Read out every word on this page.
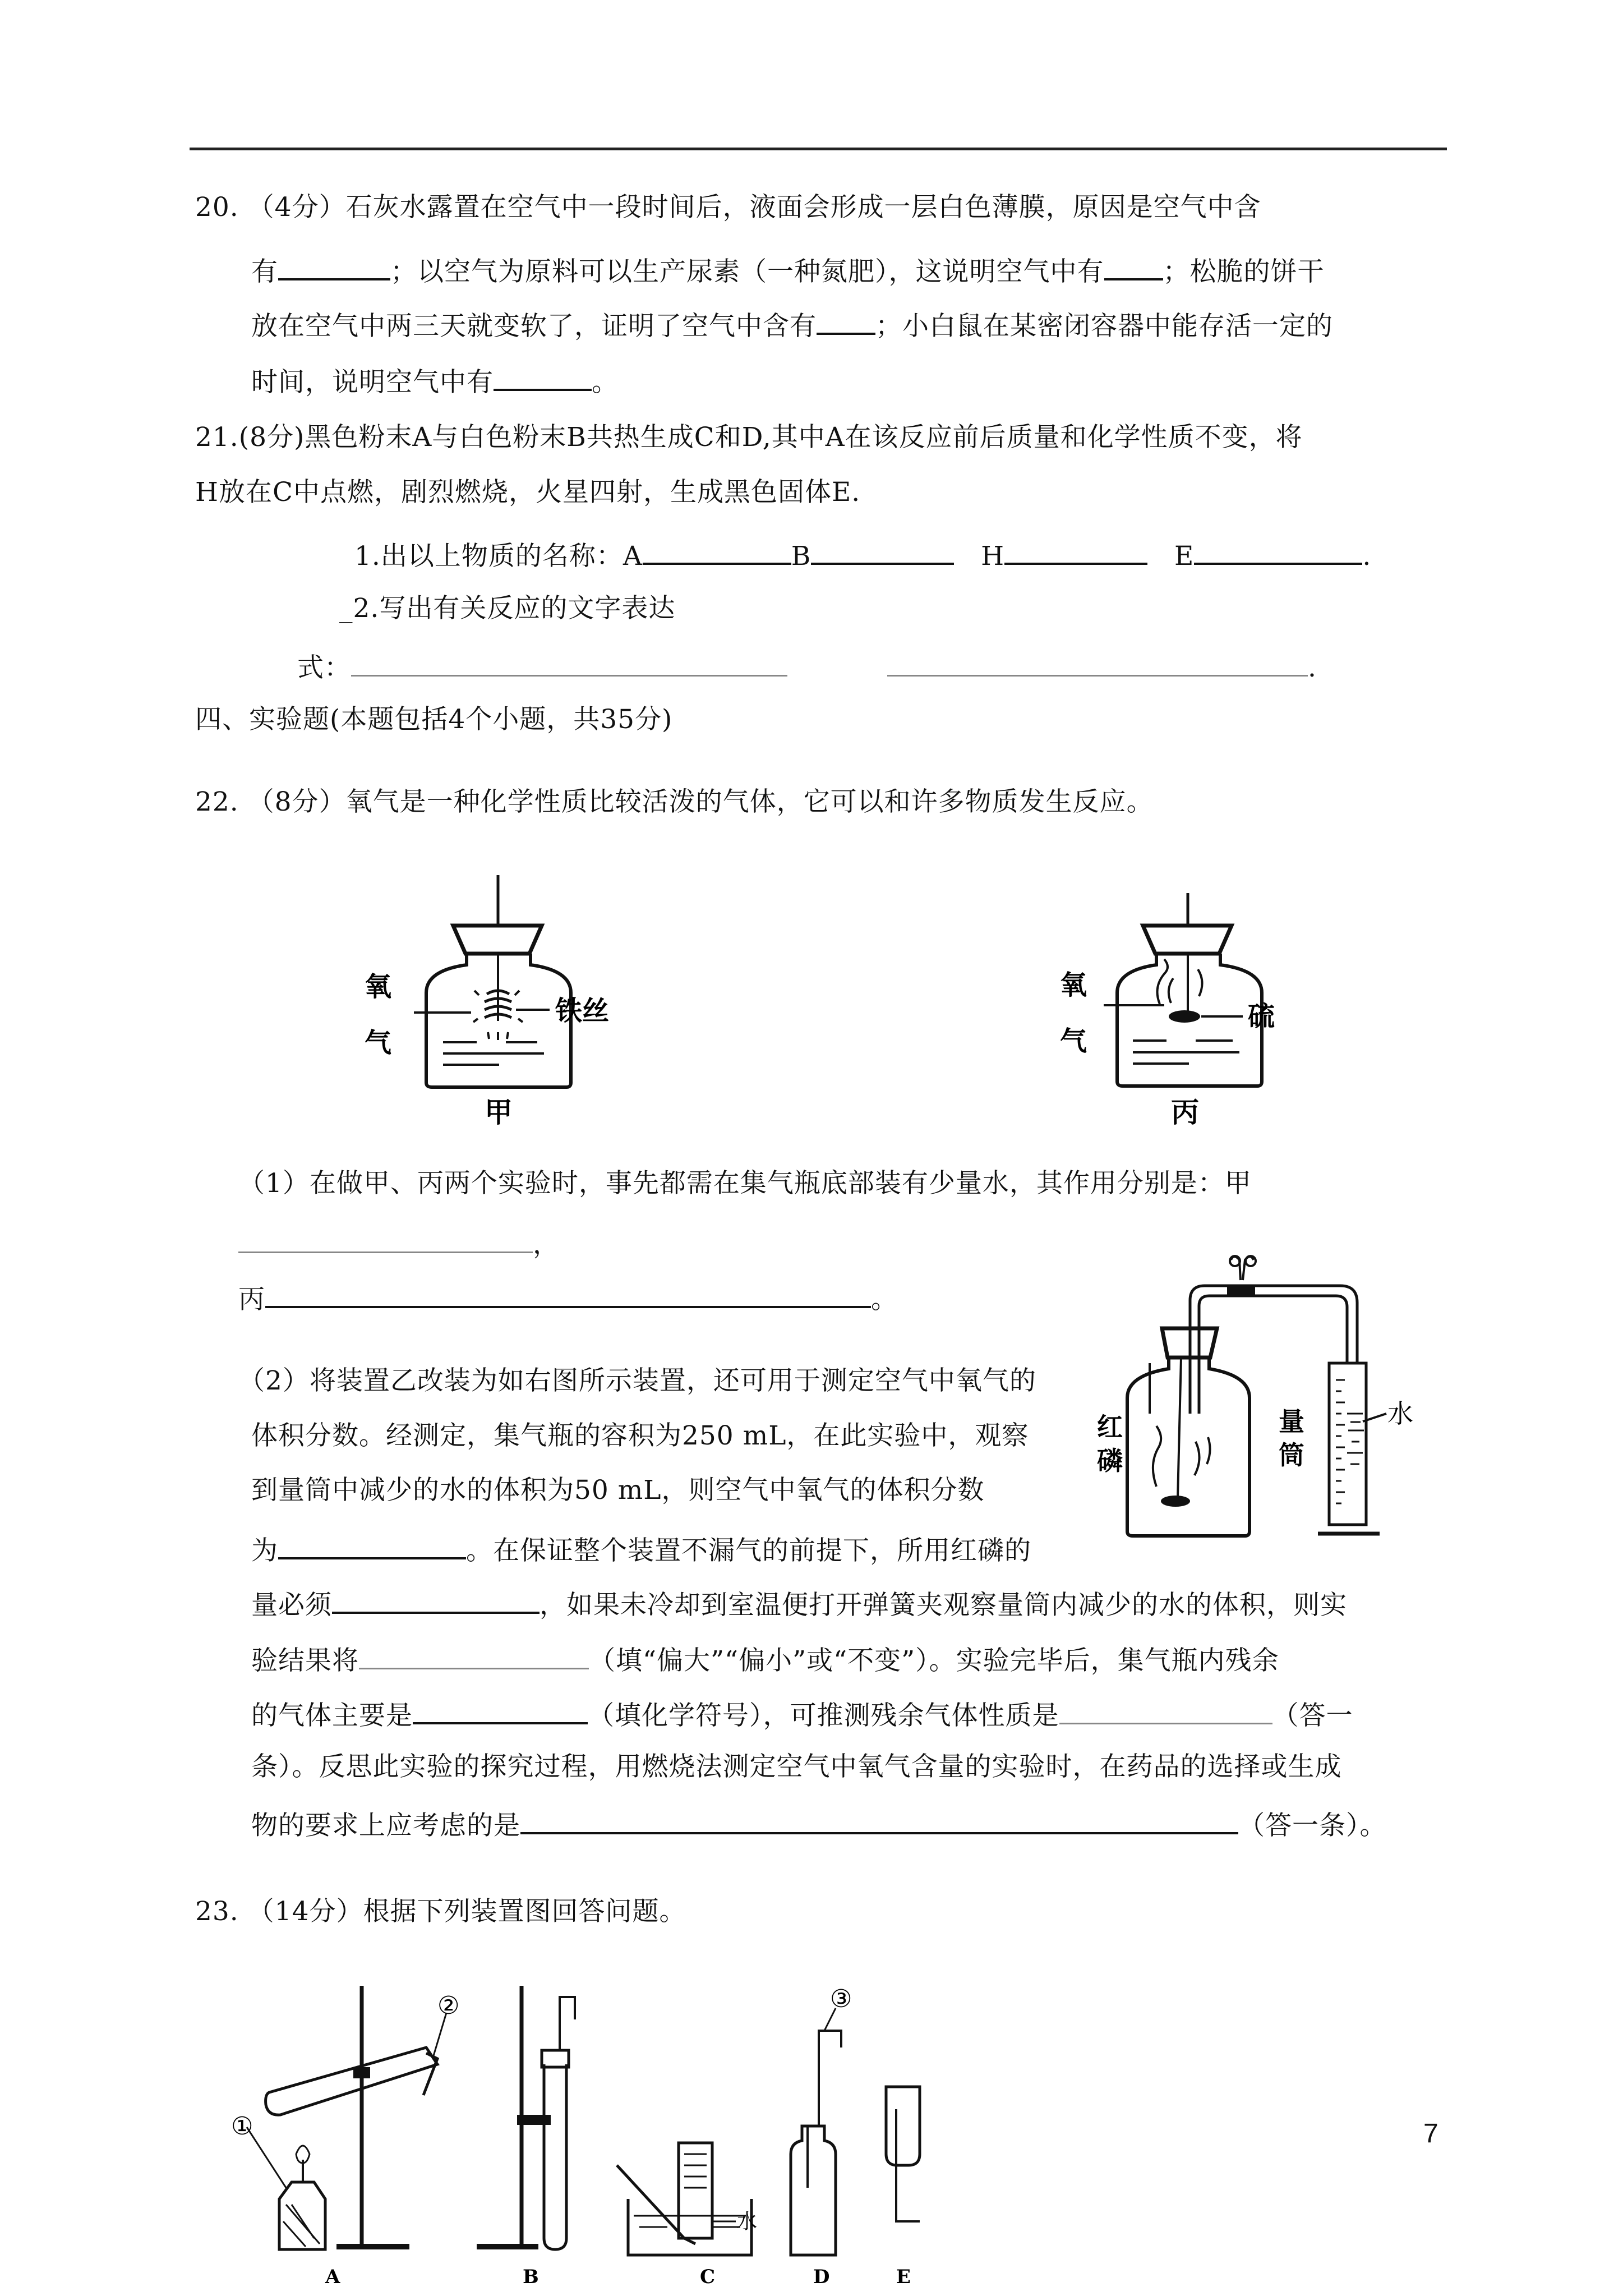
20. （4分）石灰水露置在空气中一段时间后，液面会形成一层白色薄膜，原因是空气中含
有	；以空气为原料可以生产尿素（一种氮肥），这说明空气中有 ；松脆的饼干
放在空气中两三天就变软了，证明了空气中含有 ；小白鼠在某密闭容器中能存活一定的
时间，说明空气中有	。
21.(8分)黑色粉末A与白色粉末B共热生成C和D,其中A在该反应前后质量和化学性质不变，将
H放在C中点燃，剧烈燃烧，火星四射，生成黑色固体E.
1.出以上物质的名称：A	B	H	E	.
_2.写出有关反应的文字表达
式：	.
四、实验题(本题包括4个小题，共35分)
22. （8分）氧气是一种化学性质比较活泼的气体，它可以和许多物质发生反应。
氧
气
铁丝
甲
氧
气
硫
丙
（1）在做甲、丙两个实验时，事先都需在集气瓶底部装有少量水，其作用分别是：甲
，
丙	。
红
磷
量
筒
水
（2）将装置乙改装为如右图所示装置，还可用于测定空气中氧气的
体积分数。经测定，集气瓶的容积为250 mL，在此实验中，观察
到量筒中减少的水的体积为50 mL，则空气中氧气的体积分数
为	。在保证整个装置不漏气的前提下，所用红磷的
量必须	，如果未冷却到室温便打开弹簧夹观察量筒内减少的水的体积，则实
验结果将	（填“偏大”“偏小”或“不变”）。实验完毕后，集气瓶内残余
的气体主要是	（填化学符号），可推测残余气体性质是	（答一
条）。反思此实验的探究过程，用燃烧法测定空气中氧气含量的实验时，在药品的选择或生成
物的要求上应考虑的是	（答一条）。
23. （14分）根据下列装置图回答问题。
①
②
水
③
A	B	C	D	E
7
